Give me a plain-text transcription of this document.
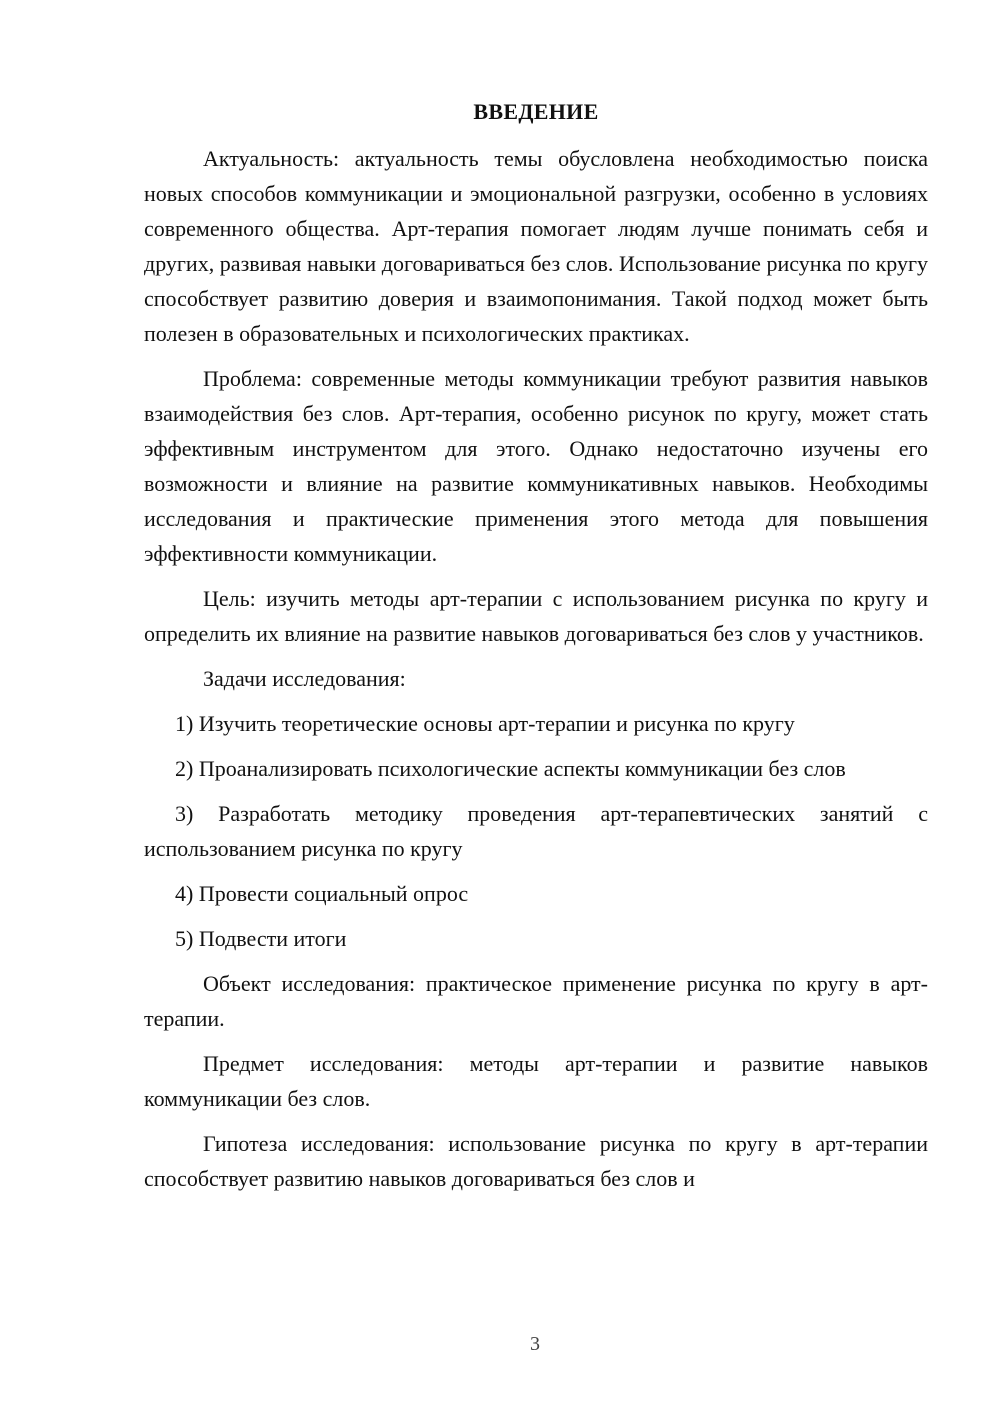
ВВЕДЕНИЕ

Актуальность: актуальность темы обусловлена необходимостью поиска новых способов коммуникации и эмоциональной разгрузки, особенно в условиях современного общества. Арт-терапия помогает людям лучше понимать себя и других, развивая навыки договариваться без слов. Использование рисунка по кругу способствует развитию доверия и взаимопонимания. Такой подход может быть полезен в образовательных и психологических практиках.

Проблема: современные методы коммуникации требуют развития навыков взаимодействия без слов. Арт-терапия, особенно рисунок по кругу, может стать эффективным инструментом для этого. Однако недостаточно изучены его возможности и влияние на развитие коммуникативных навыков. Необходимы исследования и практические применения этого метода для повышения эффективности коммуникации.

Цель: изучить методы арт-терапии с использованием рисунка по кругу и определить их влияние на развитие навыков договариваться без слов у участников.

Задачи исследования:

1) Изучить теоретические основы арт-терапии и рисунка по кругу

2) Проанализировать психологические аспекты коммуникации без слов

3) Разработать методику проведения арт-терапевтических занятий с использованием рисунка по кругу

4) Провести социальный опрос

5) Подвести итоги

Объект исследования: практическое применение рисунка по кругу в арт-терапии.

Предмет исследования: методы арт-терапии и развитие навыков коммуникации без слов.

Гипотеза исследования: использование рисунка по кругу в арт-терапии способствует развитию навыков договариваться без слов и

3
